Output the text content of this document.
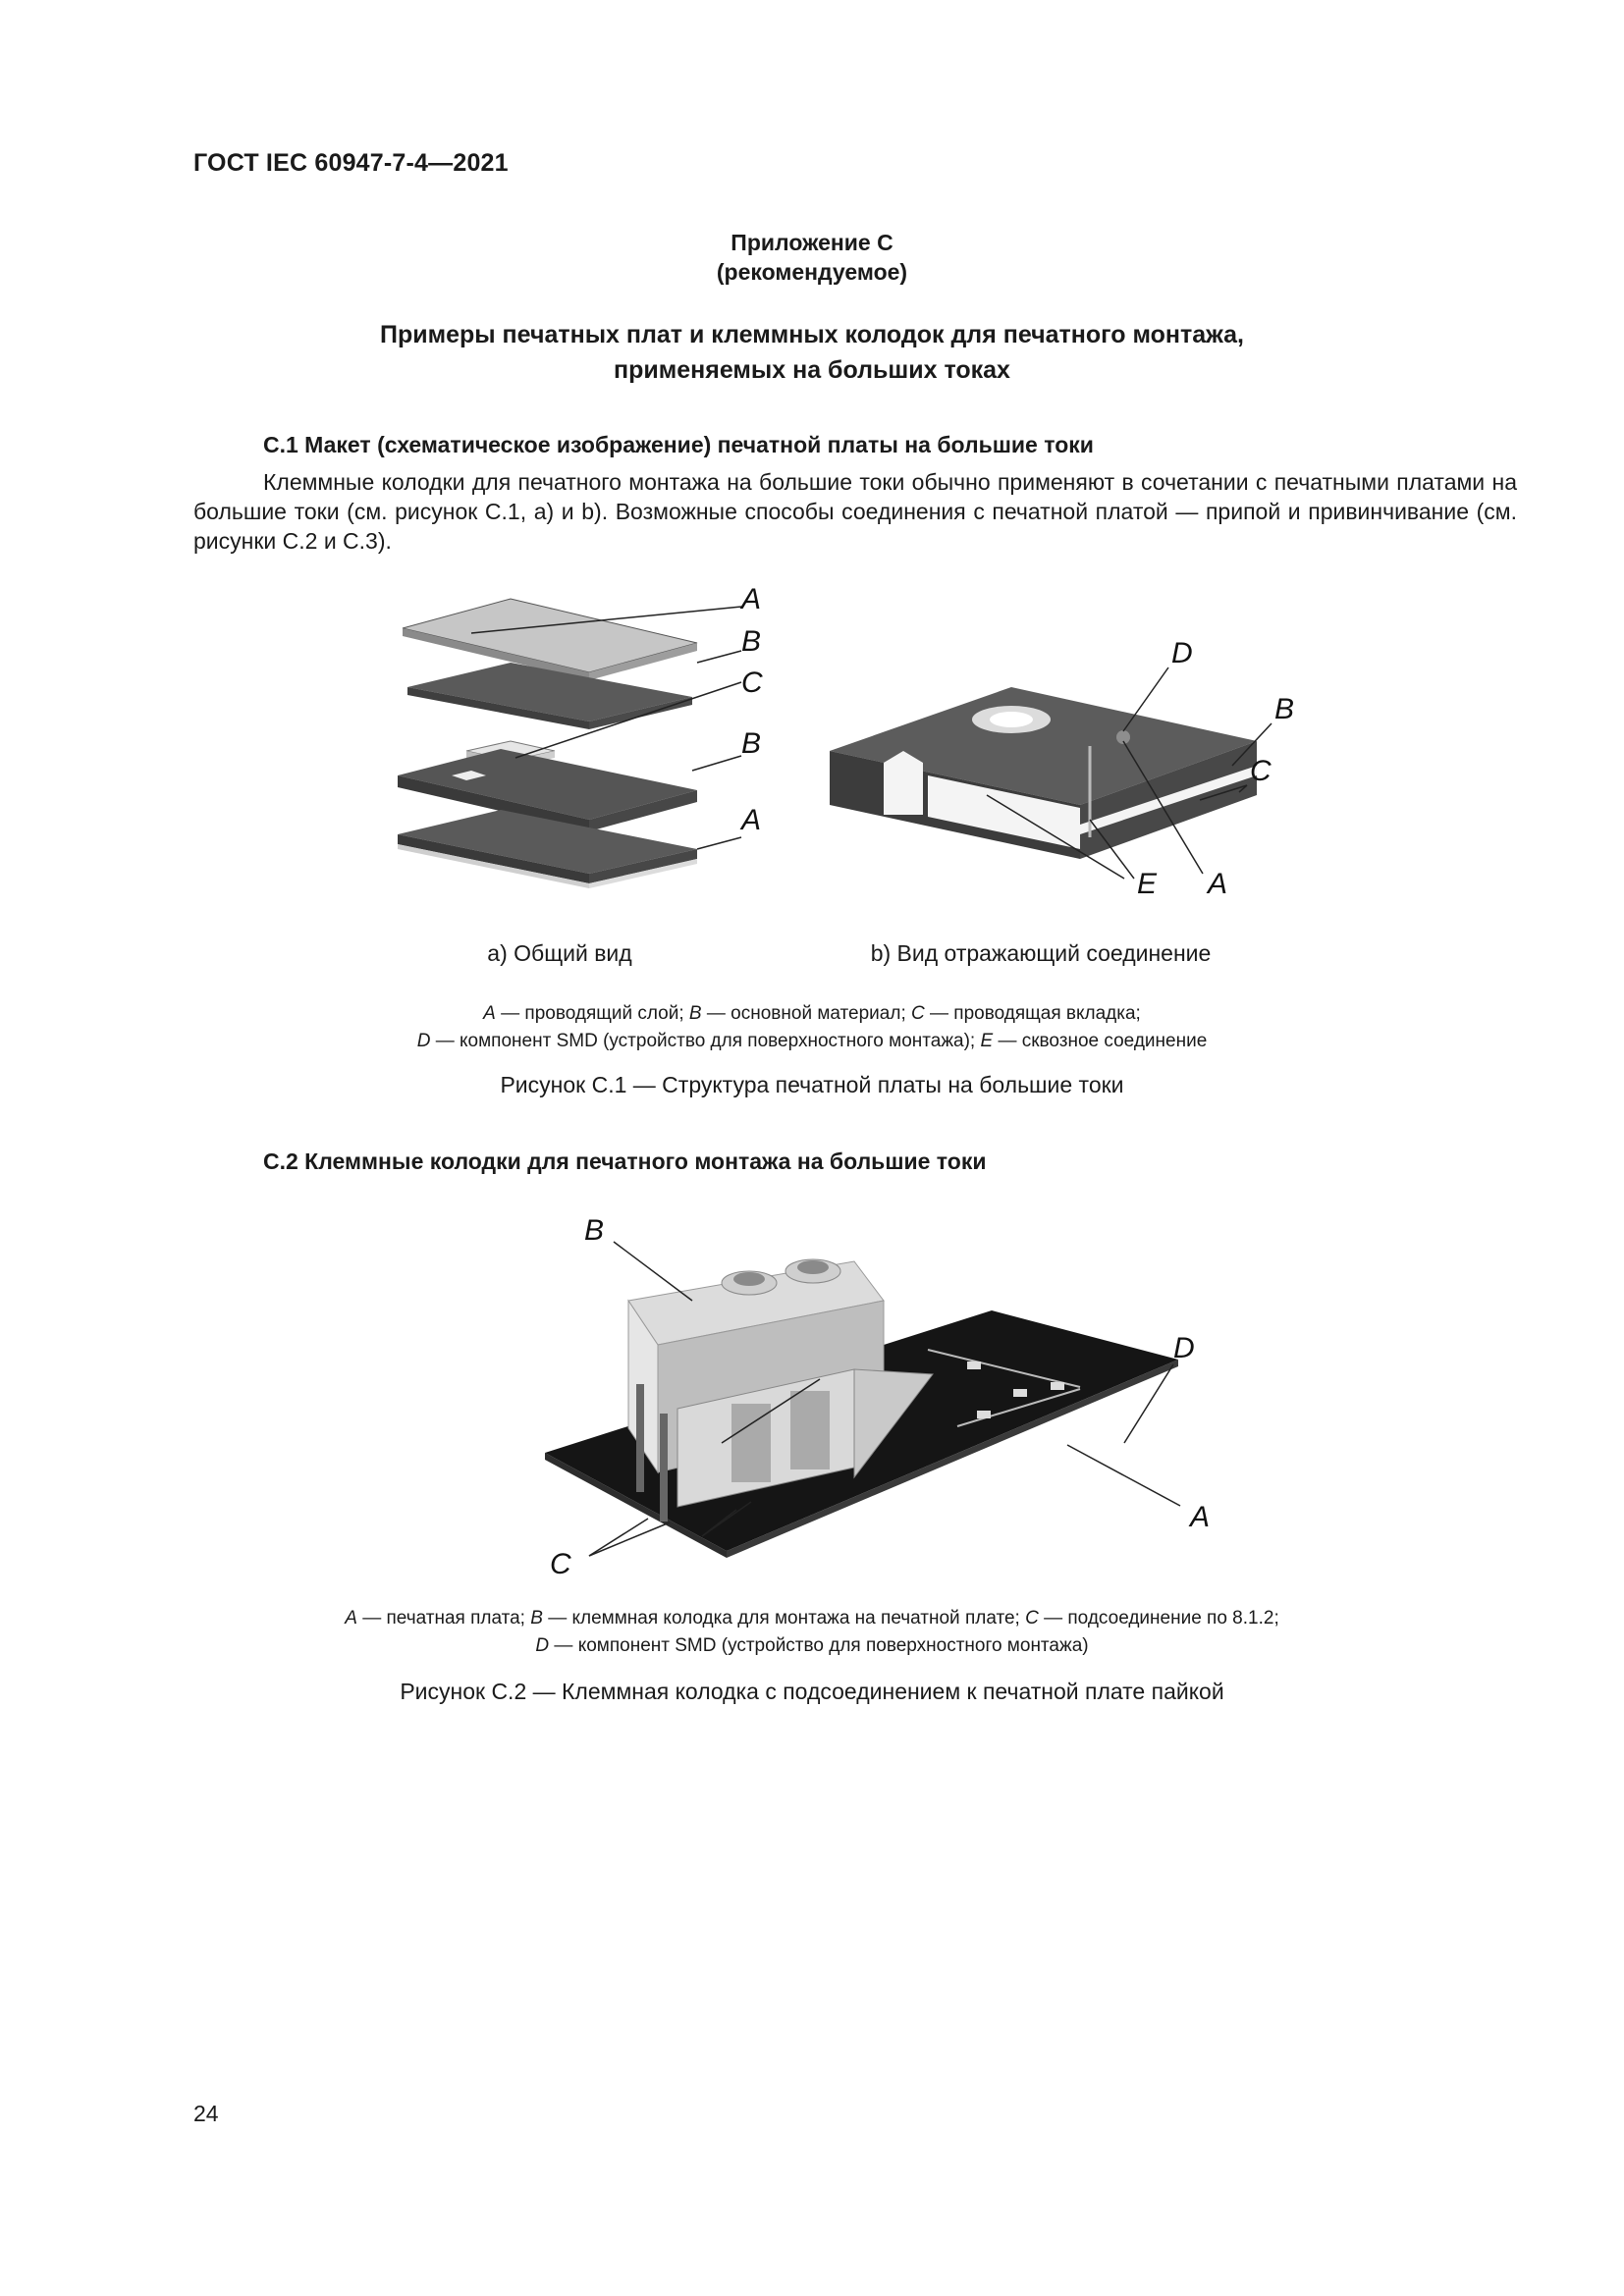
ГОСТ IEC 60947-7-4—2021
Приложение С
(рекомендуемое)
Примеры печатных плат и клеммных колодок для печатного монтажа,
применяемых на больших токах
С.1 Макет (схематическое изображение) печатной платы на большие токи
Клеммные колодки для печатного монтажа на большие токи обычно применяют в сочетании с печатными платами на большие токи (см. рисунок С.1, а) и b). Возможные способы соединения с печатной платой — припой и привинчивание (см. рисунки С.2 и С.3).
A
B
C
B
A
D
B
C
E A
а) Общий вид	b) Вид отражающий соединение
A — проводящий слой; B — основной материал; C — проводящая вкладка;
D — компонент SMD (устройство для поверхностного монтажа); E — сквозное соединение
Рисунок С.1 — Структура печатной платы на большие токи
С.2 Клеммные колодки для печатного монтажа на большие токи
B
D
A
C
A — печатная плата; B — клеммная колодка для монтажа на печатной плате; C — подсоединение по 8.1.2;
D — компонент SMD (устройство для поверхностного монтажа)
Рисунок С.2 — Клеммная колодка с подсоединением к печатной плате пайкой
24
